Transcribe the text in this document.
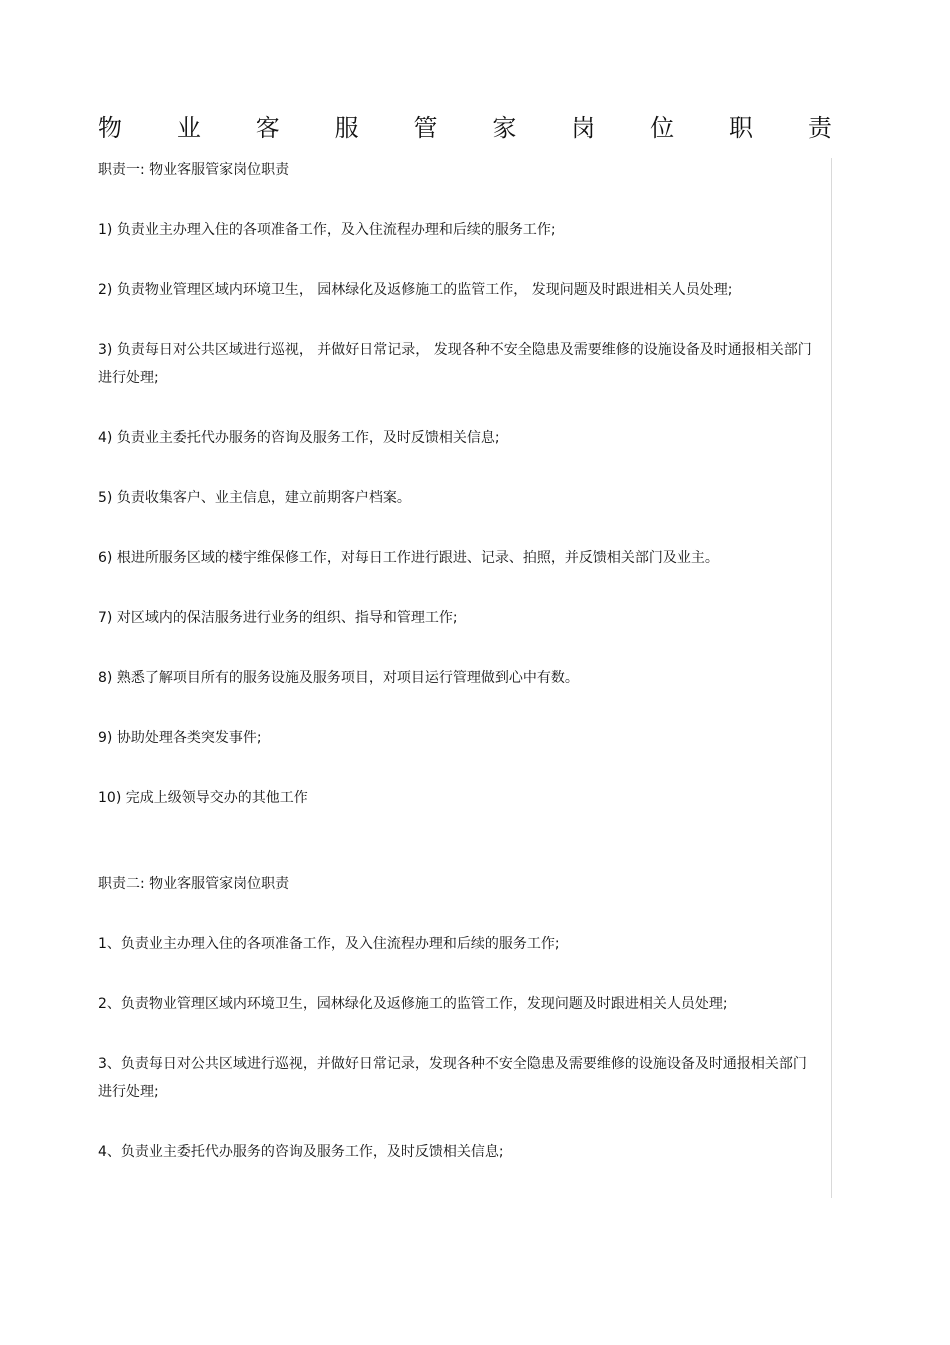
物 业 客 服 管 家 岗 位 职 责

职责一: 物业客服管家岗位职责

1) 负责业主办理入住的各项准备工作，及入住流程办理和后续的服务工作;

2) 负责物业管理区域内环境卫生， 园林绿化及返修施工的监管工作， 发现问题及时跟进相关人员处理;

3) 负责每日对公共区域进行巡视， 并做好日常记录， 发现各种不安全隐患及需要维修的设施设备及时通报相关部门进行处理;

4) 负责业主委托代办服务的咨询及服务工作，及时反馈相关信息;

5) 负责收集客户、业主信息，建立前期客户档案。

6) 根进所服务区域的楼宇维保修工作，对每日工作进行跟进、记录、拍照，并反馈相关部门及业主。

7) 对区域内的保洁服务进行业务的组织、指导和管理工作;

8) 熟悉了解项目所有的服务设施及服务项目，对项目运行管理做到心中有数。

9) 协助处理各类突发事件;

10) 完成上级领导交办的其他工作

职责二: 物业客服管家岗位职责

1、负责业主办理入住的各项准备工作，及入住流程办理和后续的服务工作;

2、负责物业管理区域内环境卫生，园林绿化及返修施工的监管工作，发现问题及时跟进相关人员处理;

3、负责每日对公共区域进行巡视，并做好日常记录，发现各种不安全隐患及需要维修的设施设备及时通报相关部门进行处理;

4、负责业主委托代办服务的咨询及服务工作，及时反馈相关信息;
